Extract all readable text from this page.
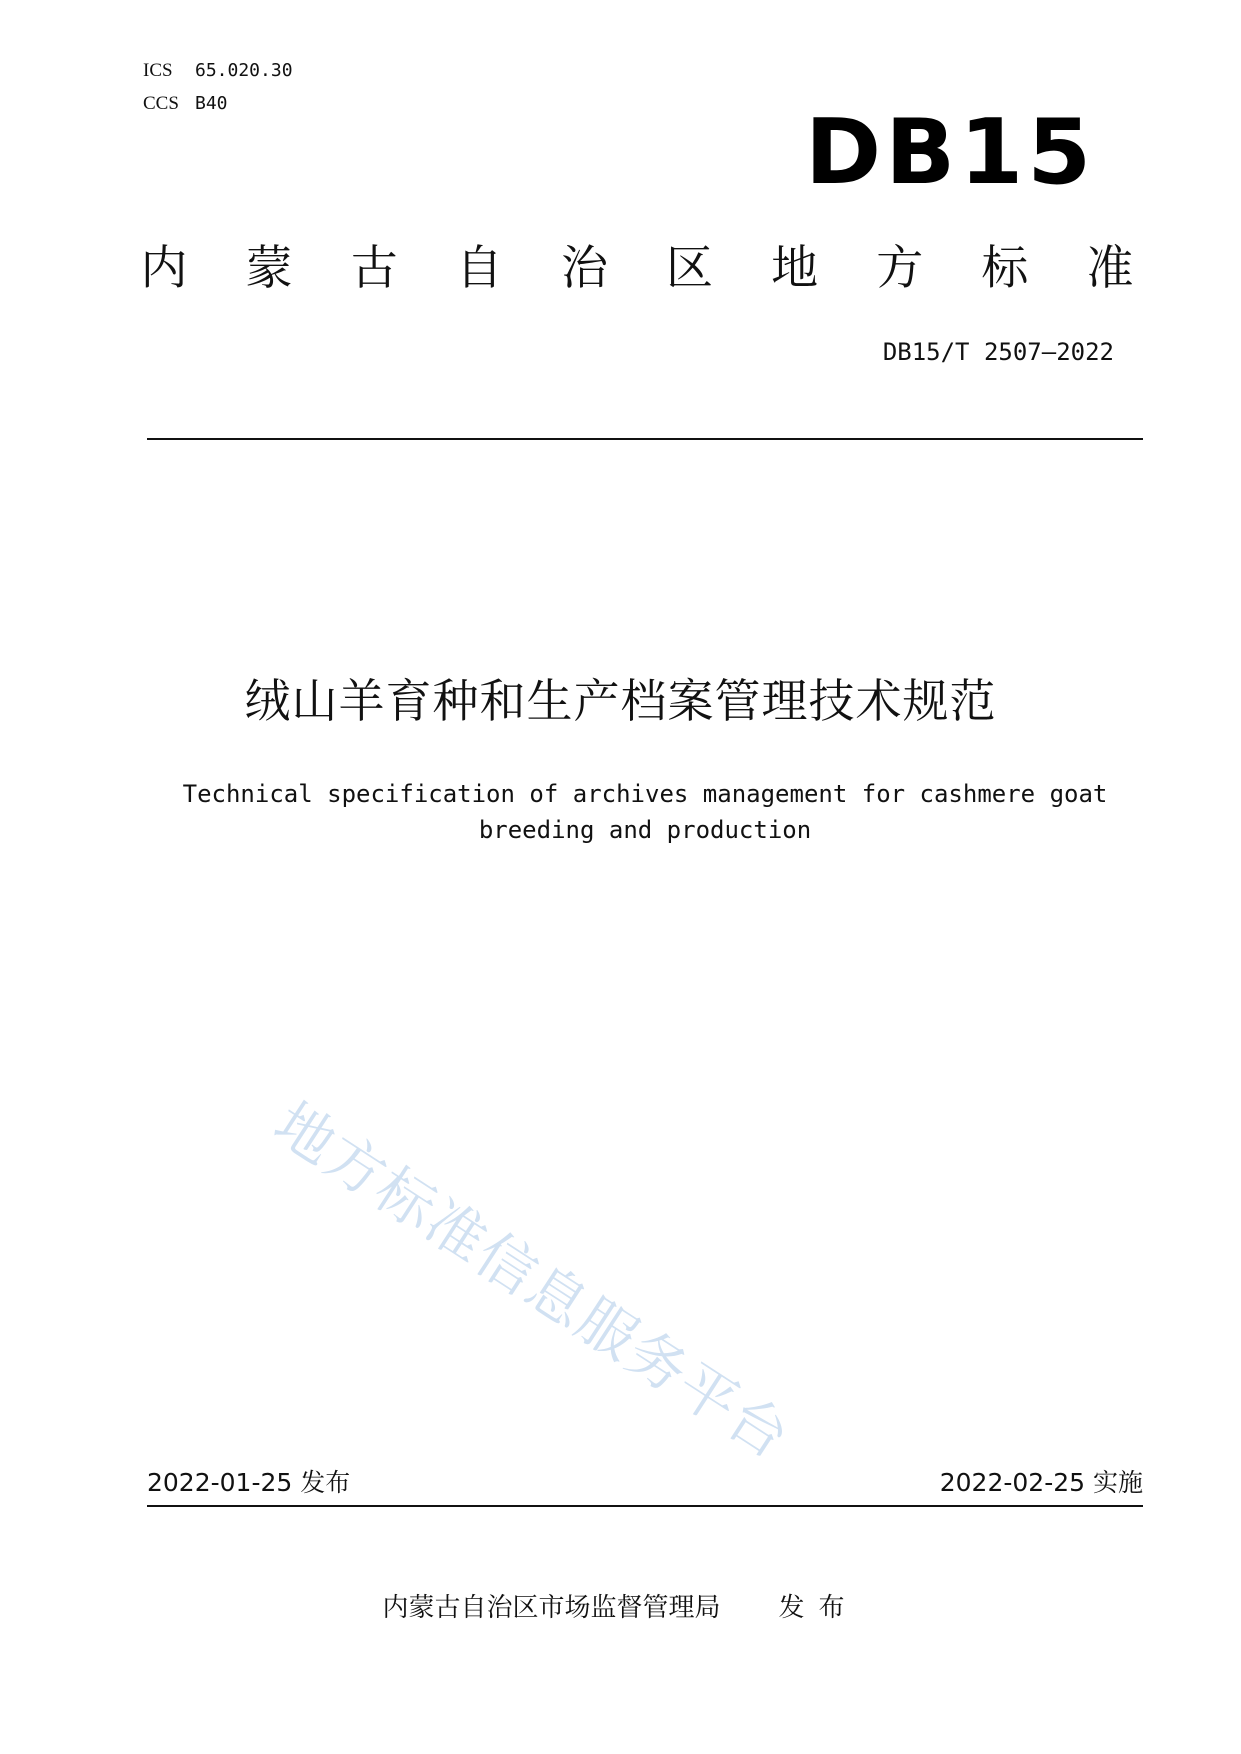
ICS 65.020.30
CCS B40	DB15
内 蒙 古 自 治 区 地 方 标 准
DB15/T 2507—2022
绒山羊育种和生产档案管理技术规范
Technical specification of archives management for cashmere goat
breeding and production
地方标准信息服务平台
2022-01-25 发布	2022-02-25 实施
内蒙古自治区市场监督管理局 发布
